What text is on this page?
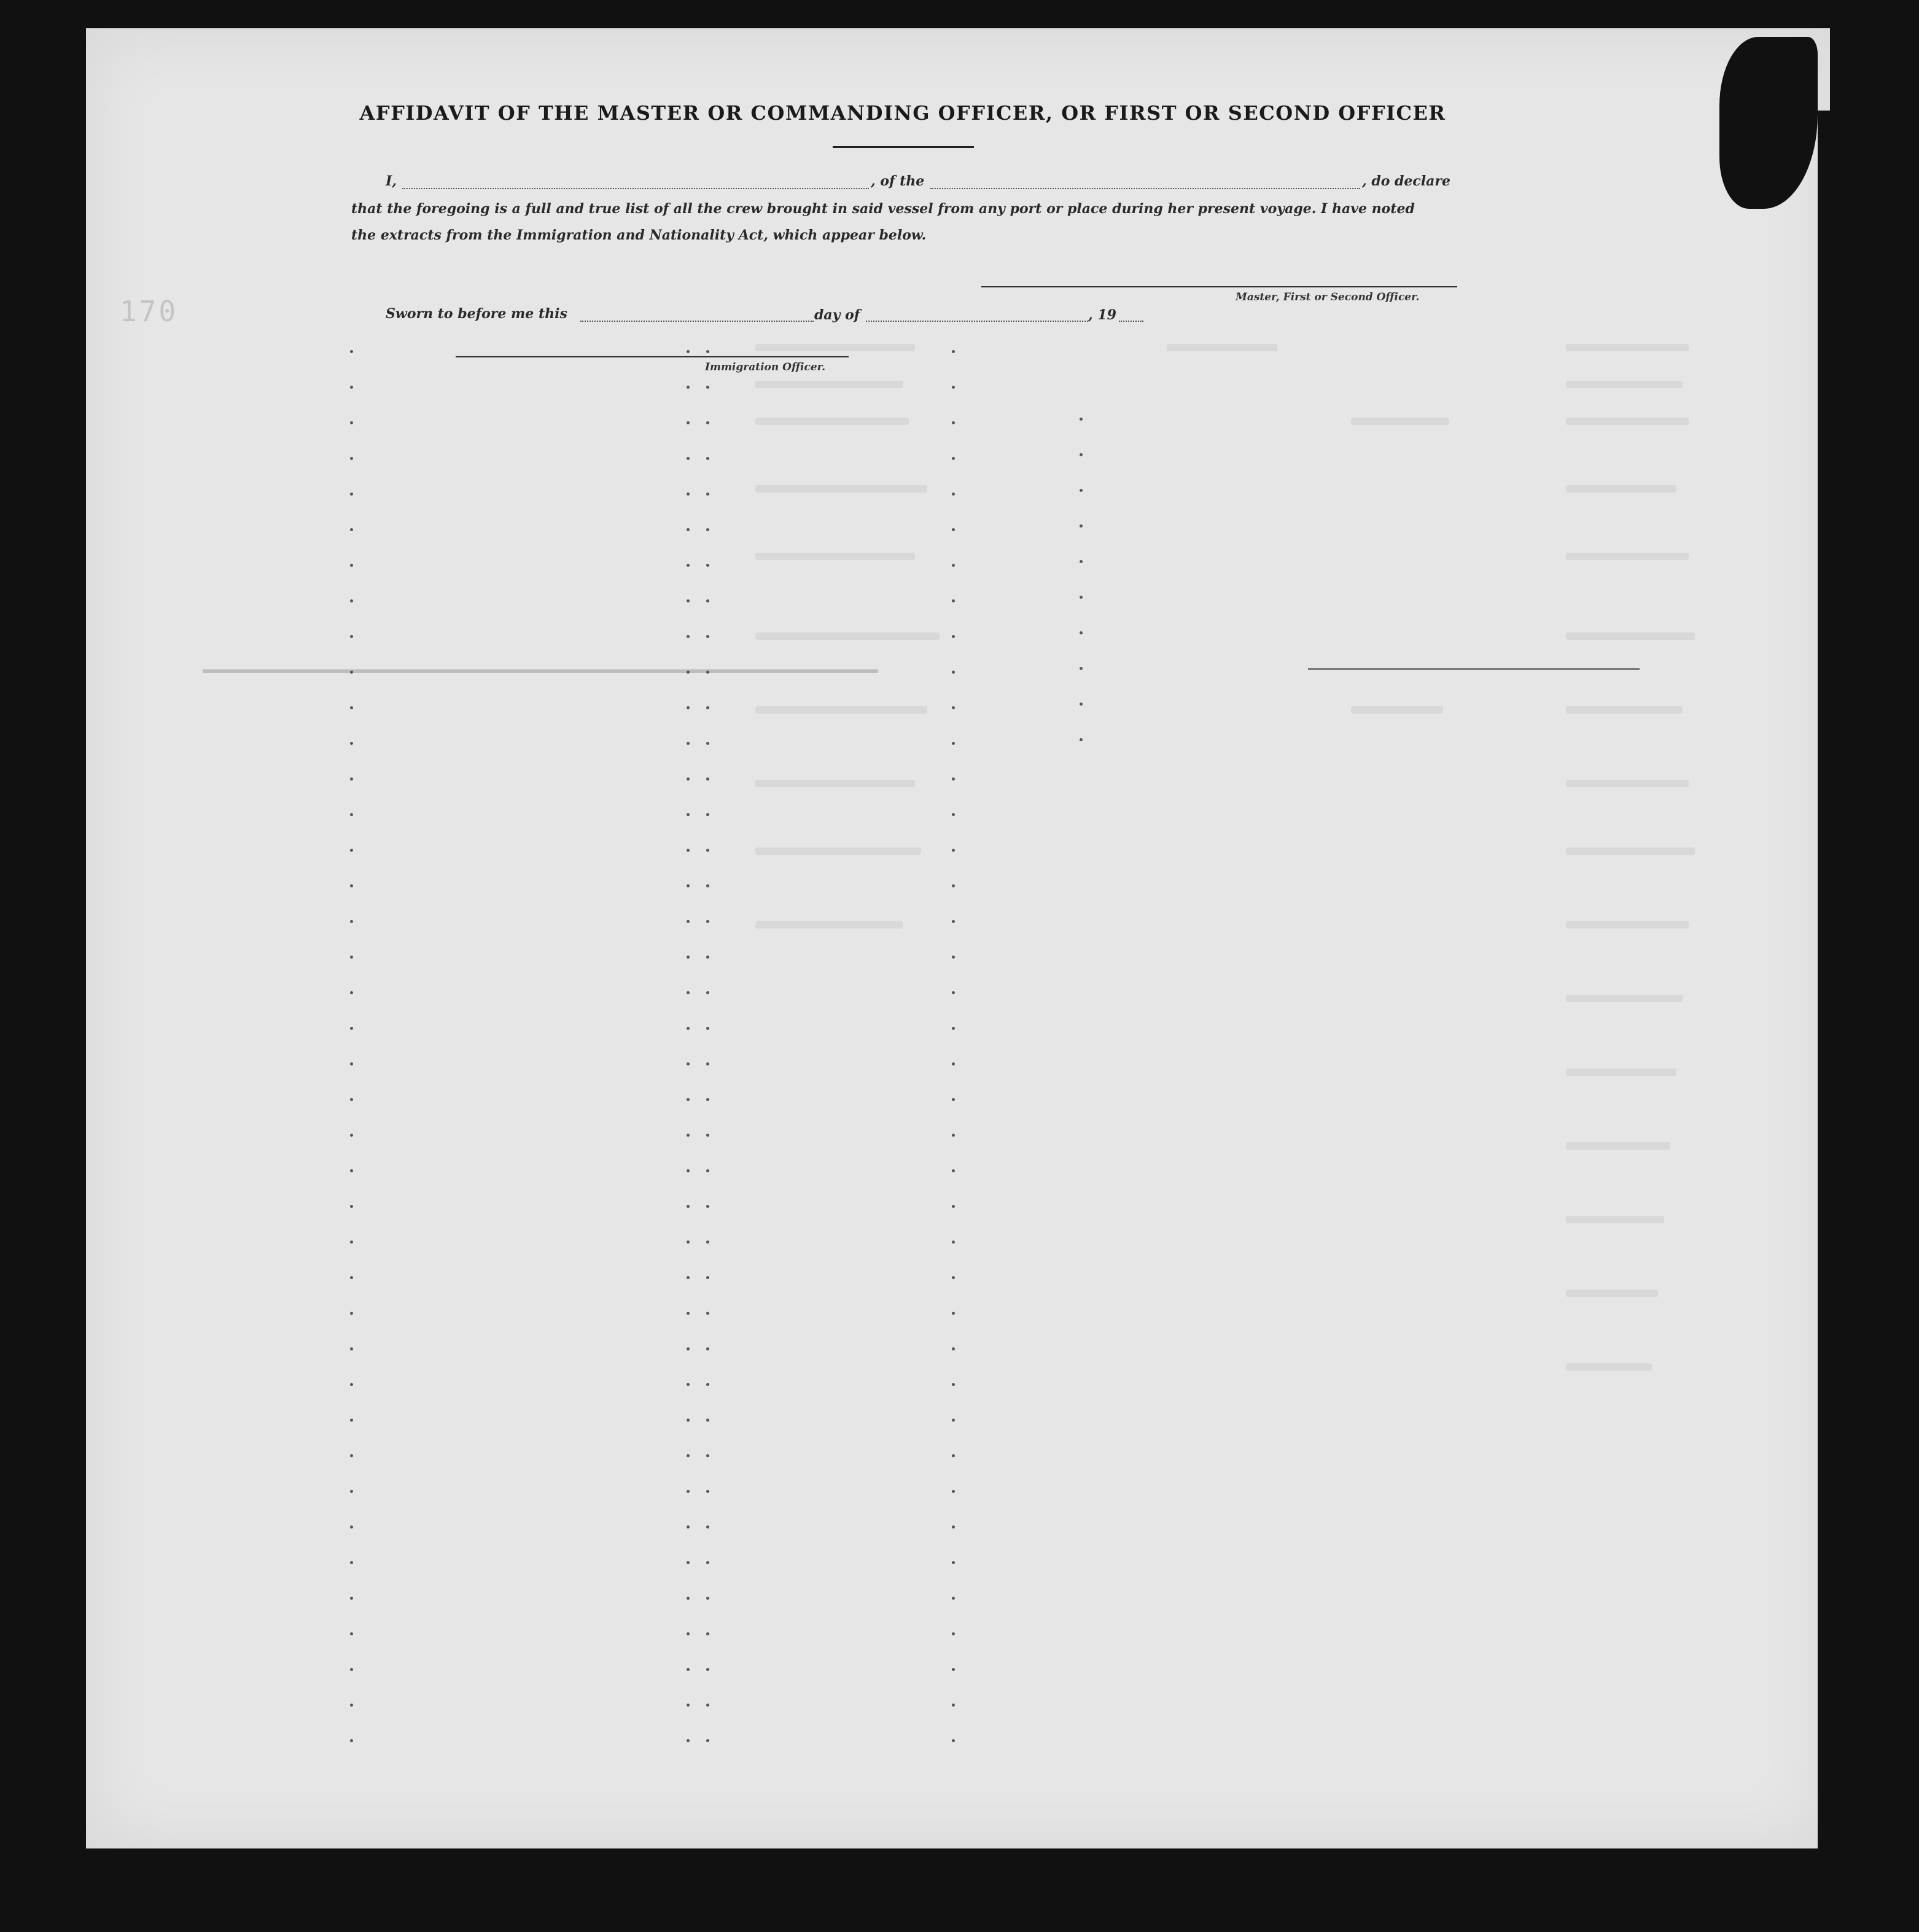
170
AFFIDAVIT OF THE MASTER OR COMMANDING OFFICER, OR FIRST OR SECOND OFFICER
I,	, of the	, do declare
that the foregoing is a full and true list of all the crew brought in said vessel from any port or place during her present voyage. I have noted
the extracts from the Immigration and Nationality Act, which appear below.
Master, First or Second Officer.
Sworn to before me this	day of	, 19
Immigration Officer.
